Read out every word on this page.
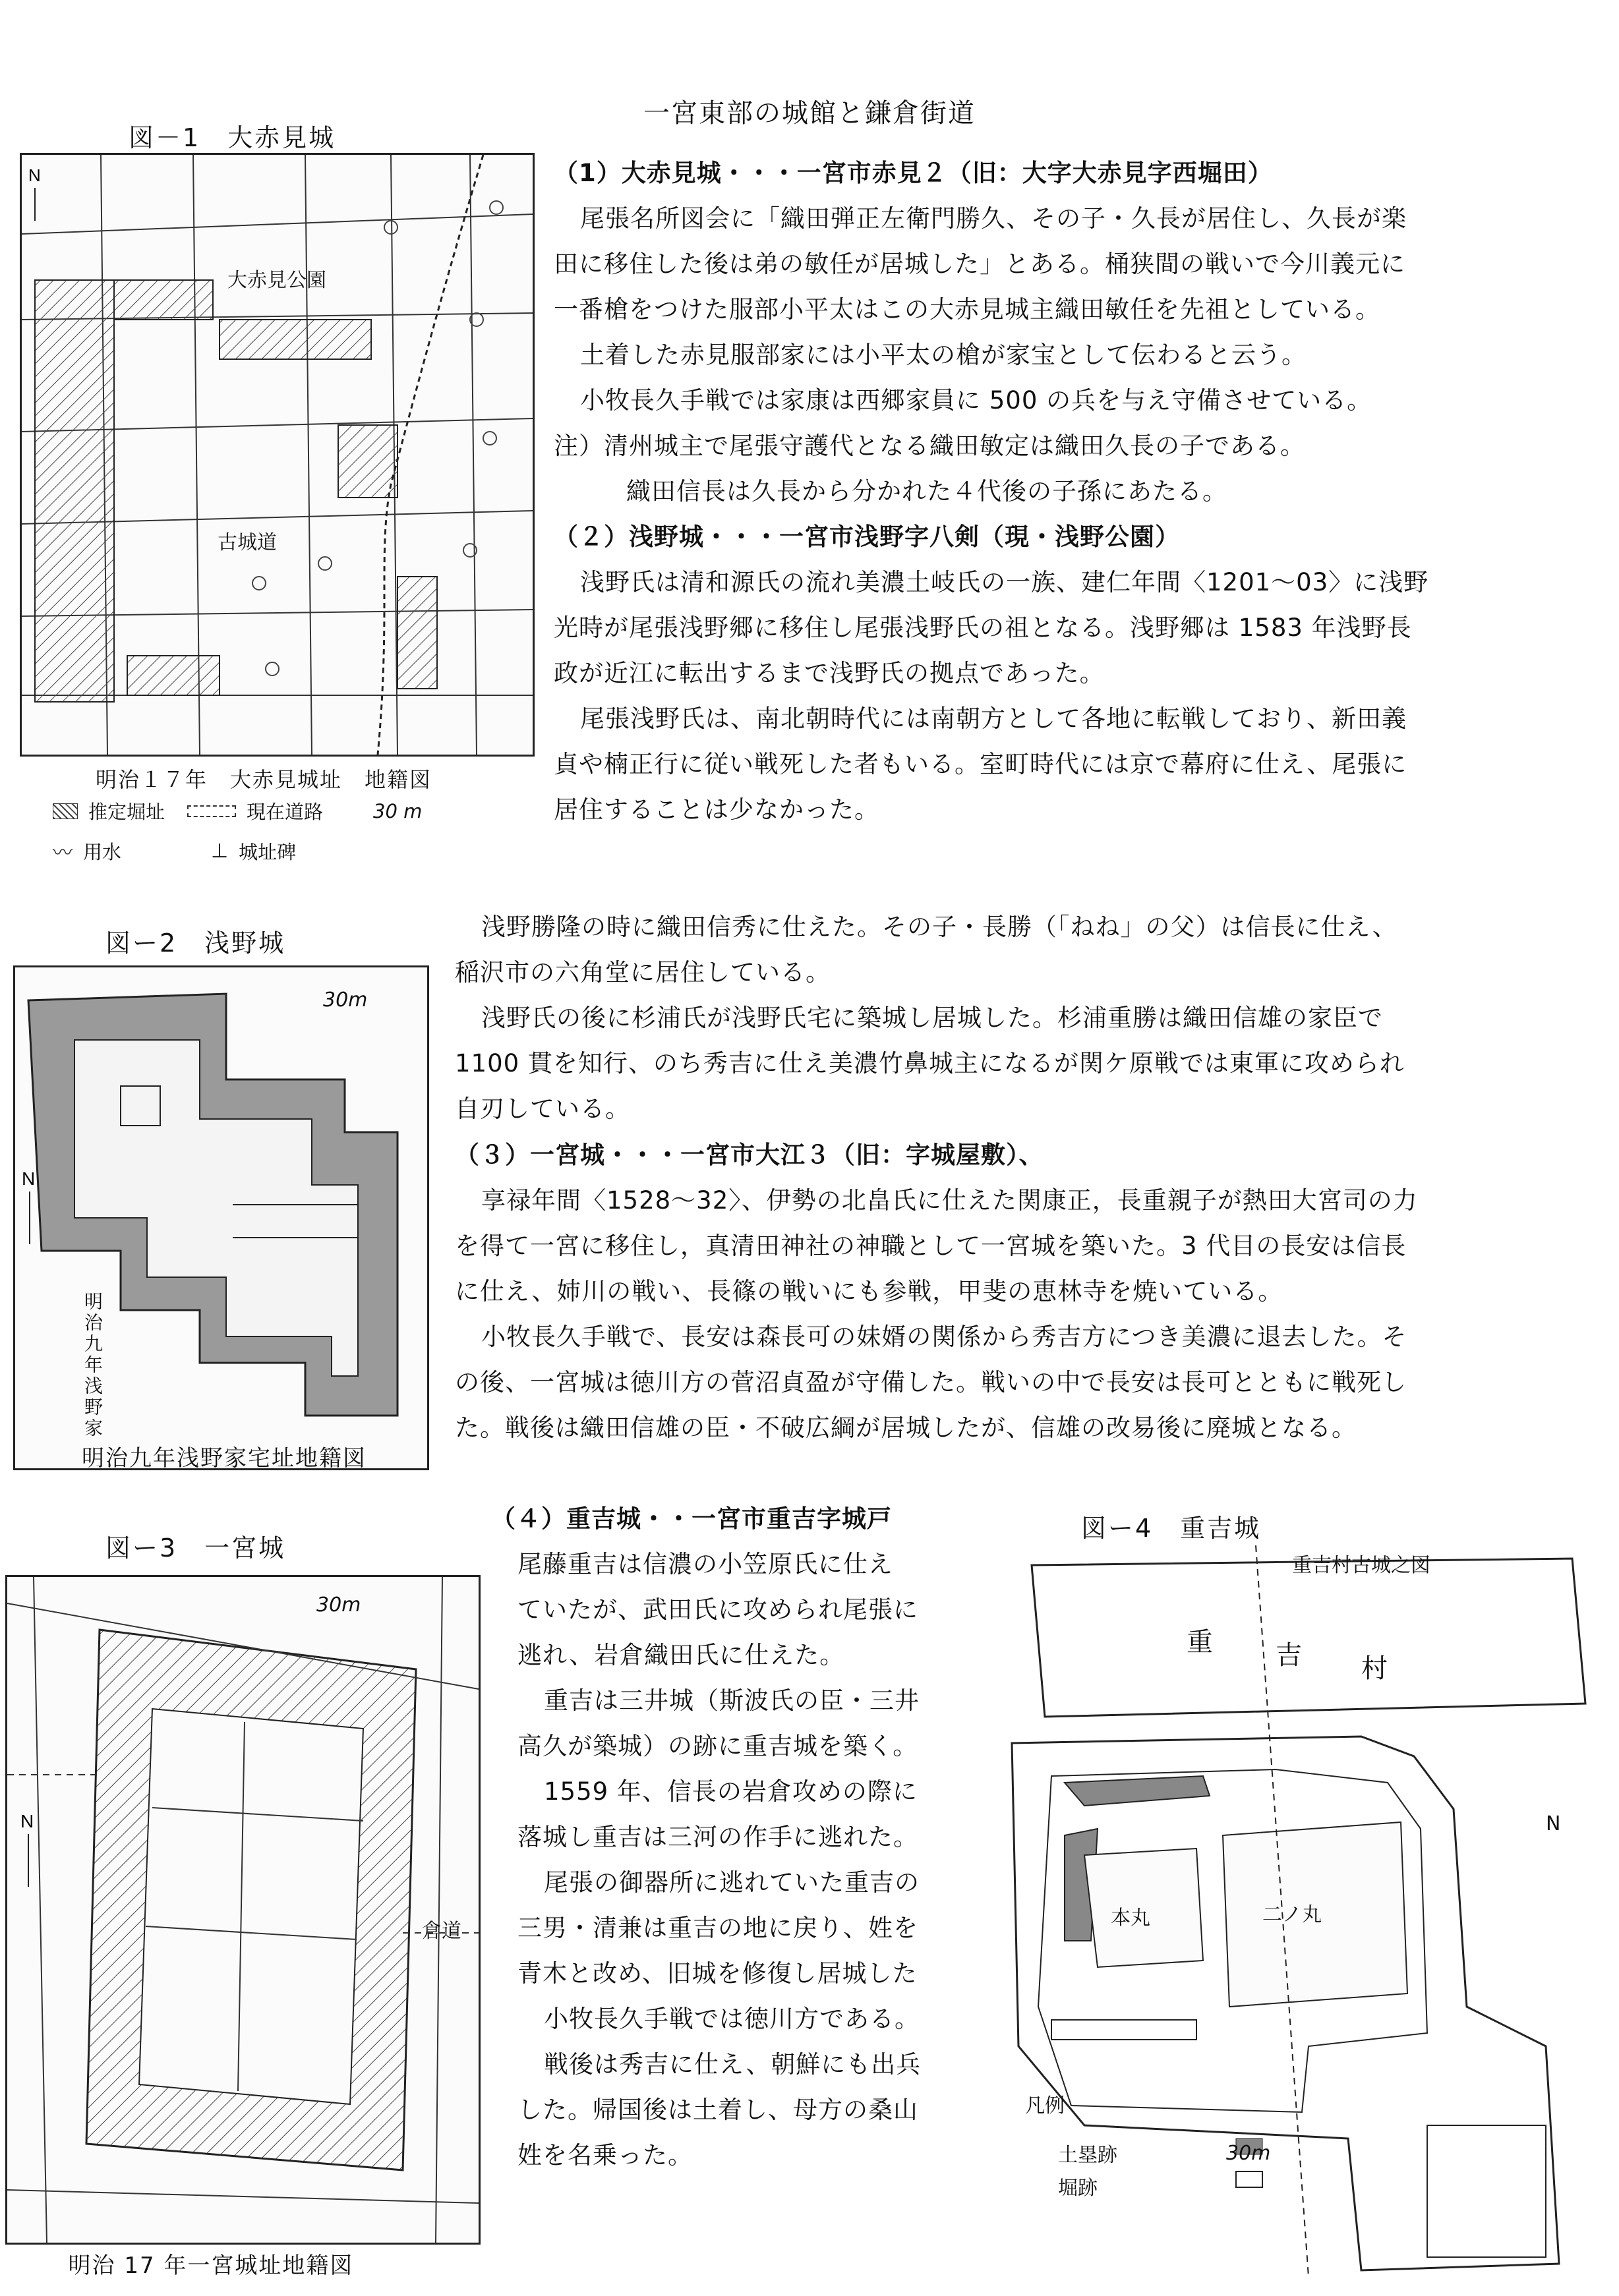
一宮東部の城館と鎌倉街道
図－1　大赤見城
N
大赤見公園
古城道
明治１７年　大赤見城址　地籍図
推定堀址	現在道路	30 m
〰 用水	⊥ 城址碑

（1）大赤見城・・・一宮市赤見２（旧：大字大赤見字西堀田）

尾張名所図会に「織田弾正左衛門勝久、その子・久長が居住し、久長が楽

田に移住した後は弟の敏任が居城した」とある。桶狭間の戦いで今川義元に

一番槍をつけた服部小平太はこの大赤見城主織田敏任を先祖としている。

土着した赤見服部家には小平太の槍が家宝として伝わると云う。

小牧長久手戦では家康は西郷家員に 500 の兵を与え守備させている。

注）清州城主で尾張守護代となる織田敏定は織田久長の子である。

織田信長は久長から分かれた４代後の子孫にあたる。

（２）浅野城・・・一宮市浅野字八剣（現・浅野公園）

浅野氏は清和源氏の流れ美濃土岐氏の一族、建仁年間〈1201～03〉に浅野

光時が尾張浅野郷に移住し尾張浅野氏の祖となる。浅野郷は 1583 年浅野長

政が近江に転出するまで浅野氏の拠点であった。

尾張浅野氏は、南北朝時代には南朝方として各地に転戦しており、新田義

貞や楠正行に従い戦死した者もいる。室町時代には京で幕府に仕え、尾張に

居住することは少なかった。

図ー2　浅野城
N
30m
明治九年浅野家
明治九年浅野家宅址地籍図

浅野勝隆の時に織田信秀に仕えた。その子・長勝（「ねね」の父）は信長に仕え、

稲沢市の六角堂に居住している。

浅野氏の後に杉浦氏が浅野氏宅に築城し居城した。杉浦重勝は織田信雄の家臣で

1100 貫を知行、のち秀吉に仕え美濃竹鼻城主になるが関ケ原戦では東軍に攻められ

自刃している。

（３）一宮城・・・一宮市大江３（旧：字城屋敷）、

享禄年間〈1528～32〉、伊勢の北畠氏に仕えた関康正，長重親子が熱田大宮司の力

を得て一宮に移住し，真清田神社の神職として一宮城を築いた。3 代目の長安は信長

に仕え、姉川の戦い、長篠の戦いにも参戦，甲斐の恵林寺を焼いている。

小牧長久手戦で、長安は森長可の妹婿の関係から秀吉方につき美濃に退去した。そ

の後、一宮城は徳川方の菅沼貞盈が守備した。戦いの中で長安は長可とともに戦死し

た。戦後は織田信雄の臣・不破広綱が居城したが、信雄の改易後に廃城となる。

図ー3　一宮城
N
30m
倉道
明治 17 年一宮城址地籍図

（４）重吉城・・一宮市重吉字城戸

尾藤重吉は信濃の小笠原氏に仕え

ていたが、武田氏に攻められ尾張に

逃れ、岩倉織田氏に仕えた。

重吉は三井城（斯波氏の臣・三井

高久が築城）の跡に重吉城を築く。

1559 年、信長の岩倉攻めの際に

落城し重吉は三河の作手に逃れた。

尾張の御器所に逃れていた重吉の

三男・清兼は重吉の地に戻り、姓を

青木と改め、旧城を修復し居城した

小牧長久手戦では徳川方である。

戦後は秀吉に仕え、朝鮮にも出兵

した。帰国後は土着し、母方の桑山

姓を名乗った。

図ー4　重吉城
重吉村古城之図
重 吉 村
本丸	二ノ丸
N
凡例
土塁跡
堀跡
30m
